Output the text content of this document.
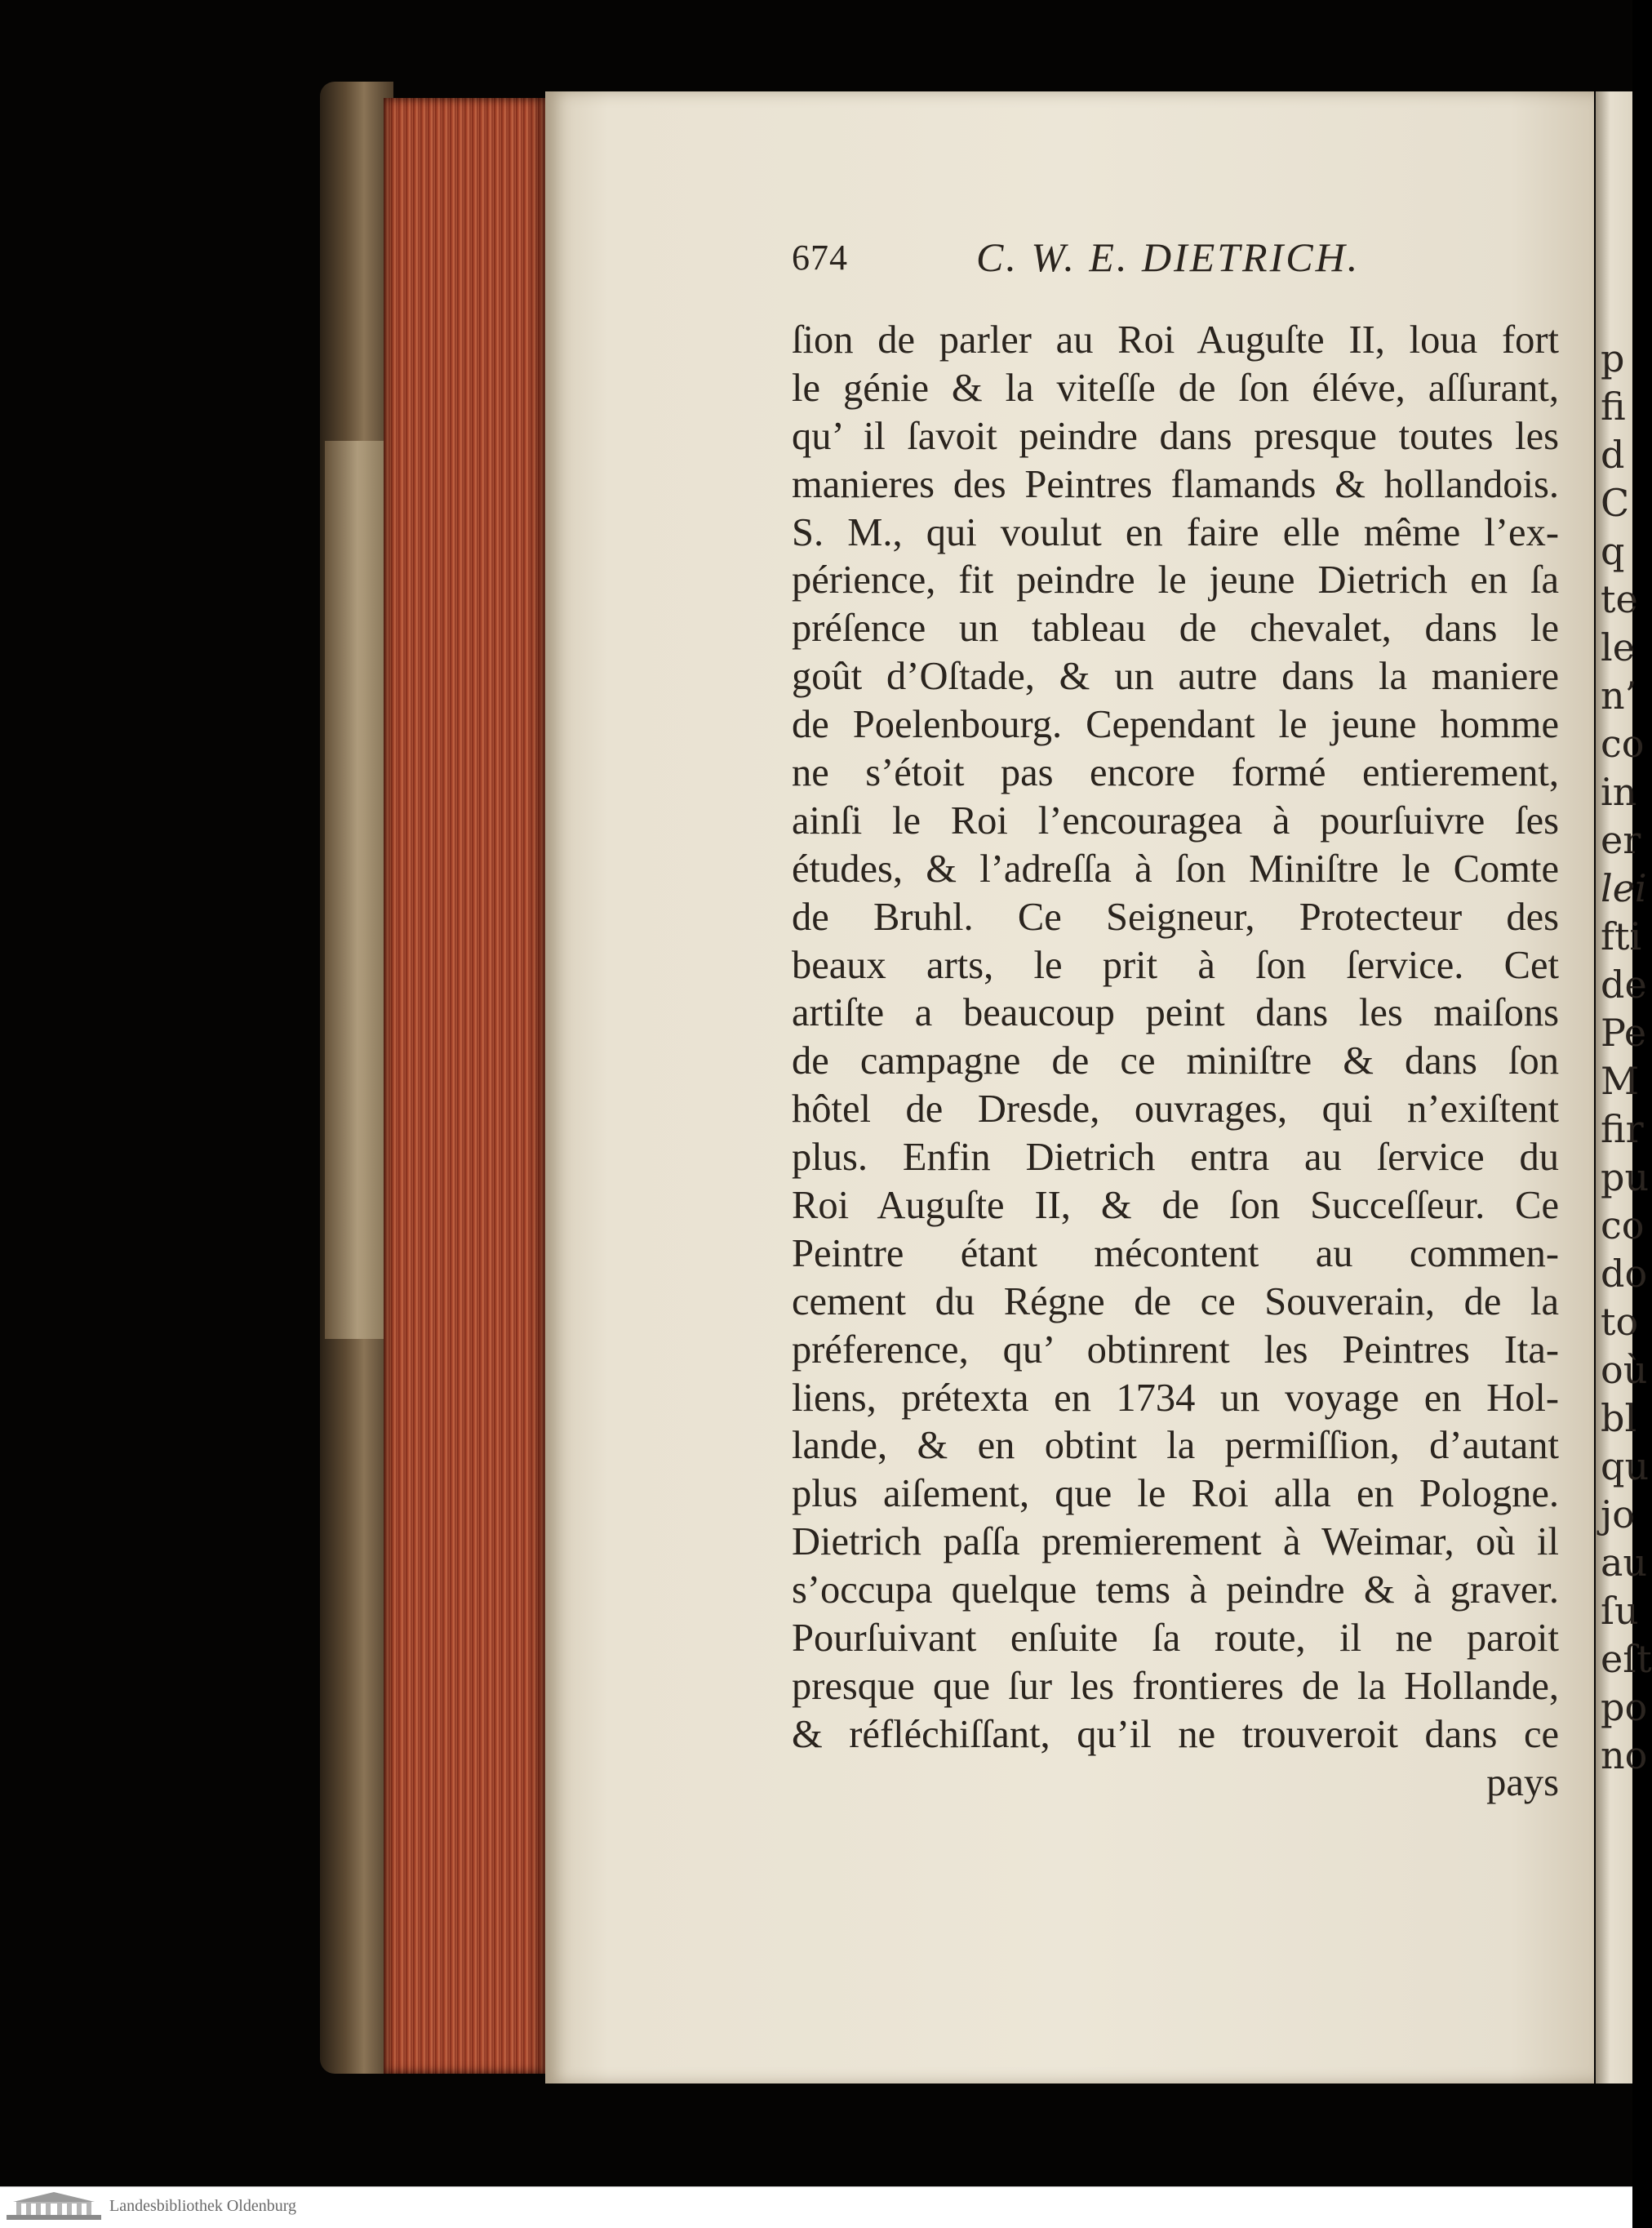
p
fi
d
C
q
te
le
n’
co
in
er
lei
fti
de
Pe
M
fir
pu
co
do
to
où
bl
qu
jo
au
ſu
eſt
po
no
674	C. W. E. DIETRICH.
ſion de parler au Roi Auguſte II, loua fort
le génie & la viteſſe de ſon éléve, aſſurant,
qu’ il ſavoit peindre dans presque toutes les
manieres des Peintres flamands & hollandois.
S. M., qui voulut en faire elle même l’ex-
périence, fit peindre le jeune Dietrich en ſa
préſence un tableau de chevalet, dans le
goût d’Oſtade, & un autre dans la maniere
de Poelenbourg. Cependant le jeune homme
ne s’étoit pas encore formé entierement,
ainſi le Roi l’encouragea à pourſuivre ſes
études, & l’adreſſa à ſon Miniſtre le Comte
de Bruhl. Ce Seigneur, Protecteur des
beaux arts, le prit à ſon ſervice. Cet
artiſte a beaucoup peint dans les maiſons
de campagne de ce miniſtre & dans ſon
hôtel de Dresde, ouvrages, qui n’exiſtent
plus. Enfin Dietrich entra au ſervice du
Roi Auguſte II, & de ſon Succeſſeur. Ce
Peintre étant mécontent au commen-
cement du Régne de ce Souverain, de la
préference, qu’ obtinrent les Peintres Ita-
liens, prétexta en 1734 un voyage en Hol-
lande, & en obtint la permiſſion, d’autant
plus aiſement, que le Roi alla en Pologne.
Dietrich paſſa premierement à Weimar, où il
s’occupa quelque tems à peindre & à graver.
Pourſuivant enſuite ſa route, il ne paroit
presque que ſur les frontieres de la Hollande,
& réfléchiſſant, qu’il ne trouveroit dans ce
pays
Landesbibliothek Oldenburg
